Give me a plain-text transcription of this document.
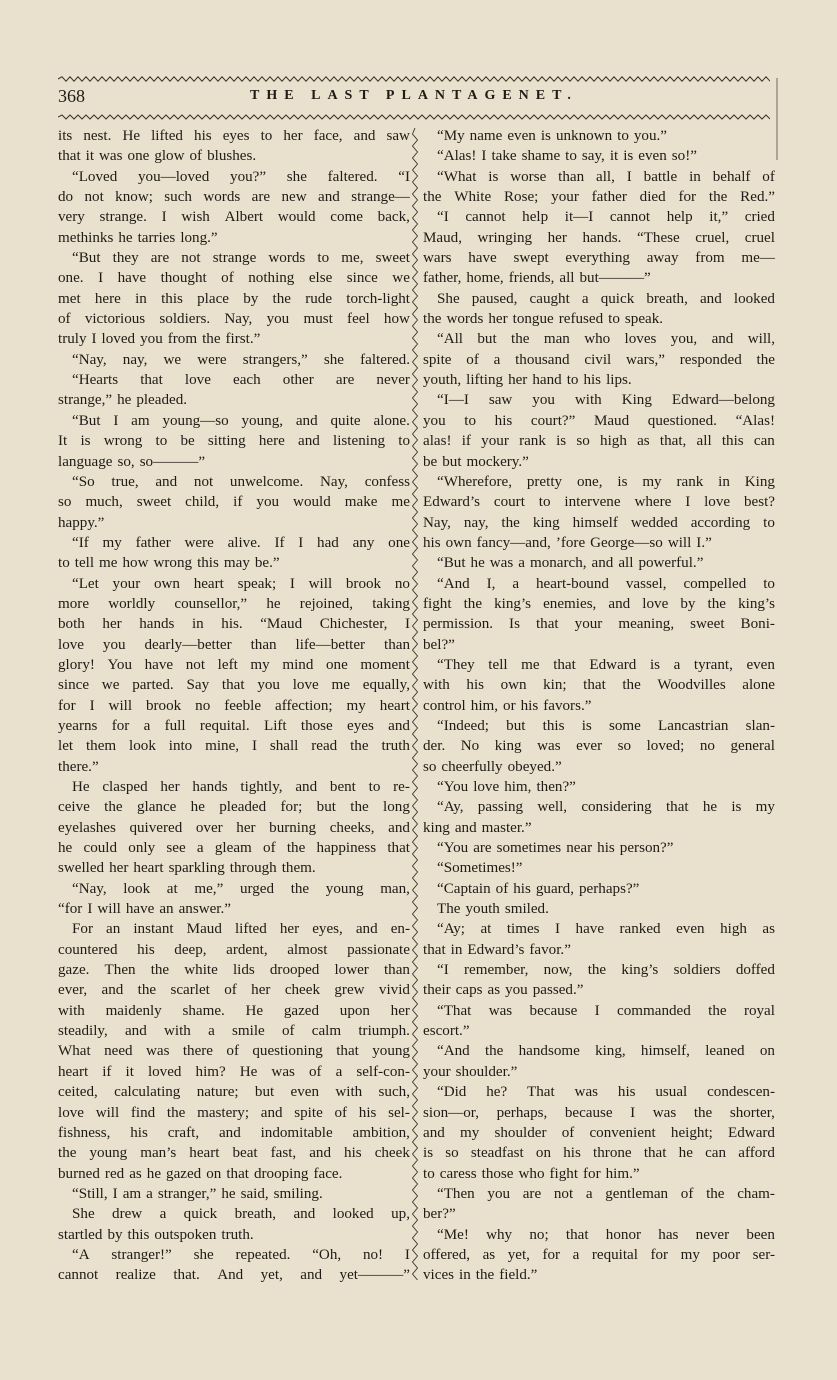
368	THE LAST PLANTAGENET.
its nest. He lifted his eyes to her face, and saw
that it was one glow of blushes.
“Loved you—loved you?” she faltered. “I
do not know; such words are new and strange—
very strange. I wish Albert would come back,
methinks he tarries long.”
“But they are not strange words to me, sweet
one. I have thought of nothing else since we
met here in this place by the rude torch-light
of victorious soldiers. Nay, you must feel how
truly I loved you from the first.”
“Nay, nay, we were strangers,” she faltered.
“Hearts that love each other are never
strange,” he pleaded.
“But I am young—so young, and quite alone.
It is wrong to be sitting here and listening to
language so, so———”
“So true, and not unwelcome. Nay, confess
so much, sweet child, if you would make me
happy.”
“If my father were alive. If I had any one
to tell me how wrong this may be.”
“Let your own heart speak; I will brook no
more worldly counsellor,” he rejoined, taking
both her hands in his. “Maud Chichester, I
love you dearly—better than life—better than
glory! You have not left my mind one moment
since we parted. Say that you love me equally,
for I will brook no feeble affection; my heart
yearns for a full requital. Lift those eyes and
let them look into mine, I shall read the truth
there.”
He clasped her hands tightly, and bent to re-
ceive the glance he pleaded for; but the long
eyelashes quivered over her burning cheeks, and
he could only see a gleam of the happiness that
swelled her heart sparkling through them.
“Nay, look at me,” urged the young man,
“for I will have an answer.”
For an instant Maud lifted her eyes, and en-
countered his deep, ardent, almost passionate
gaze. Then the white lids drooped lower than
ever, and the scarlet of her cheek grew vivid
with maidenly shame. He gazed upon her
steadily, and with a smile of calm triumph.
What need was there of questioning that young
heart if it loved him? He was of a self-con-
ceited, calculating nature; but even with such,
love will find the mastery; and spite of his sel-
fishness, his craft, and indomitable ambition,
the young man’s heart beat fast, and his cheek
burned red as he gazed on that drooping face.
“Still, I am a stranger,” he said, smiling.
She drew a quick breath, and looked up,
startled by this outspoken truth.
“A stranger!” she repeated. “Oh, no! I
cannot realize that. And yet, and yet———”
“My name even is unknown to you.”
“Alas! I take shame to say, it is even so!”
“What is worse than all, I battle in behalf of
the White Rose; your father died for the Red.”
“I cannot help it—I cannot help it,” cried
Maud, wringing her hands. “These cruel, cruel
wars have swept everything away from me—
father, home, friends, all but———”
She paused, caught a quick breath, and looked
the words her tongue refused to speak.
“All but the man who loves you, and will,
spite of a thousand civil wars,” responded the
youth, lifting her hand to his lips.
“I—I saw you with King Edward—belong
you to his court?” Maud questioned. “Alas!
alas! if your rank is so high as that, all this can
be but mockery.”
“Wherefore, pretty one, is my rank in King
Edward’s court to intervene where I love best?
Nay, nay, the king himself wedded according to
his own fancy—and, ’fore George—so will I.”
“But he was a monarch, and all powerful.”
“And I, a heart-bound vassel, compelled to
fight the king’s enemies, and love by the king’s
permission. Is that your meaning, sweet Boni-
bel?”
“They tell me that Edward is a tyrant, even
with his own kin; that the Woodvilles alone
control him, or his favors.”
“Indeed; but this is some Lancastrian slan-
der. No king was ever so loved; no general
so cheerfully obeyed.”
“You love him, then?”
“Ay, passing well, considering that he is my
king and master.”
“You are sometimes near his person?”
“Sometimes!”
“Captain of his guard, perhaps?”
The youth smiled.
“Ay; at times I have ranked even high as
that in Edward’s favor.”
“I remember, now, the king’s soldiers doffed
their caps as you passed.”
“That was because I commanded the royal
escort.”
“And the handsome king, himself, leaned on
your shoulder.”
“Did he? That was his usual condescen-
sion—or, perhaps, because I was the shorter,
and my shoulder of convenient height; Edward
is so steadfast on his throne that he can afford
to caress those who fight for him.”
“Then you are not a gentleman of the cham-
ber?”
“Me! why no; that honor has never been
offered, as yet, for a requital for my poor ser-
vices in the field.”
